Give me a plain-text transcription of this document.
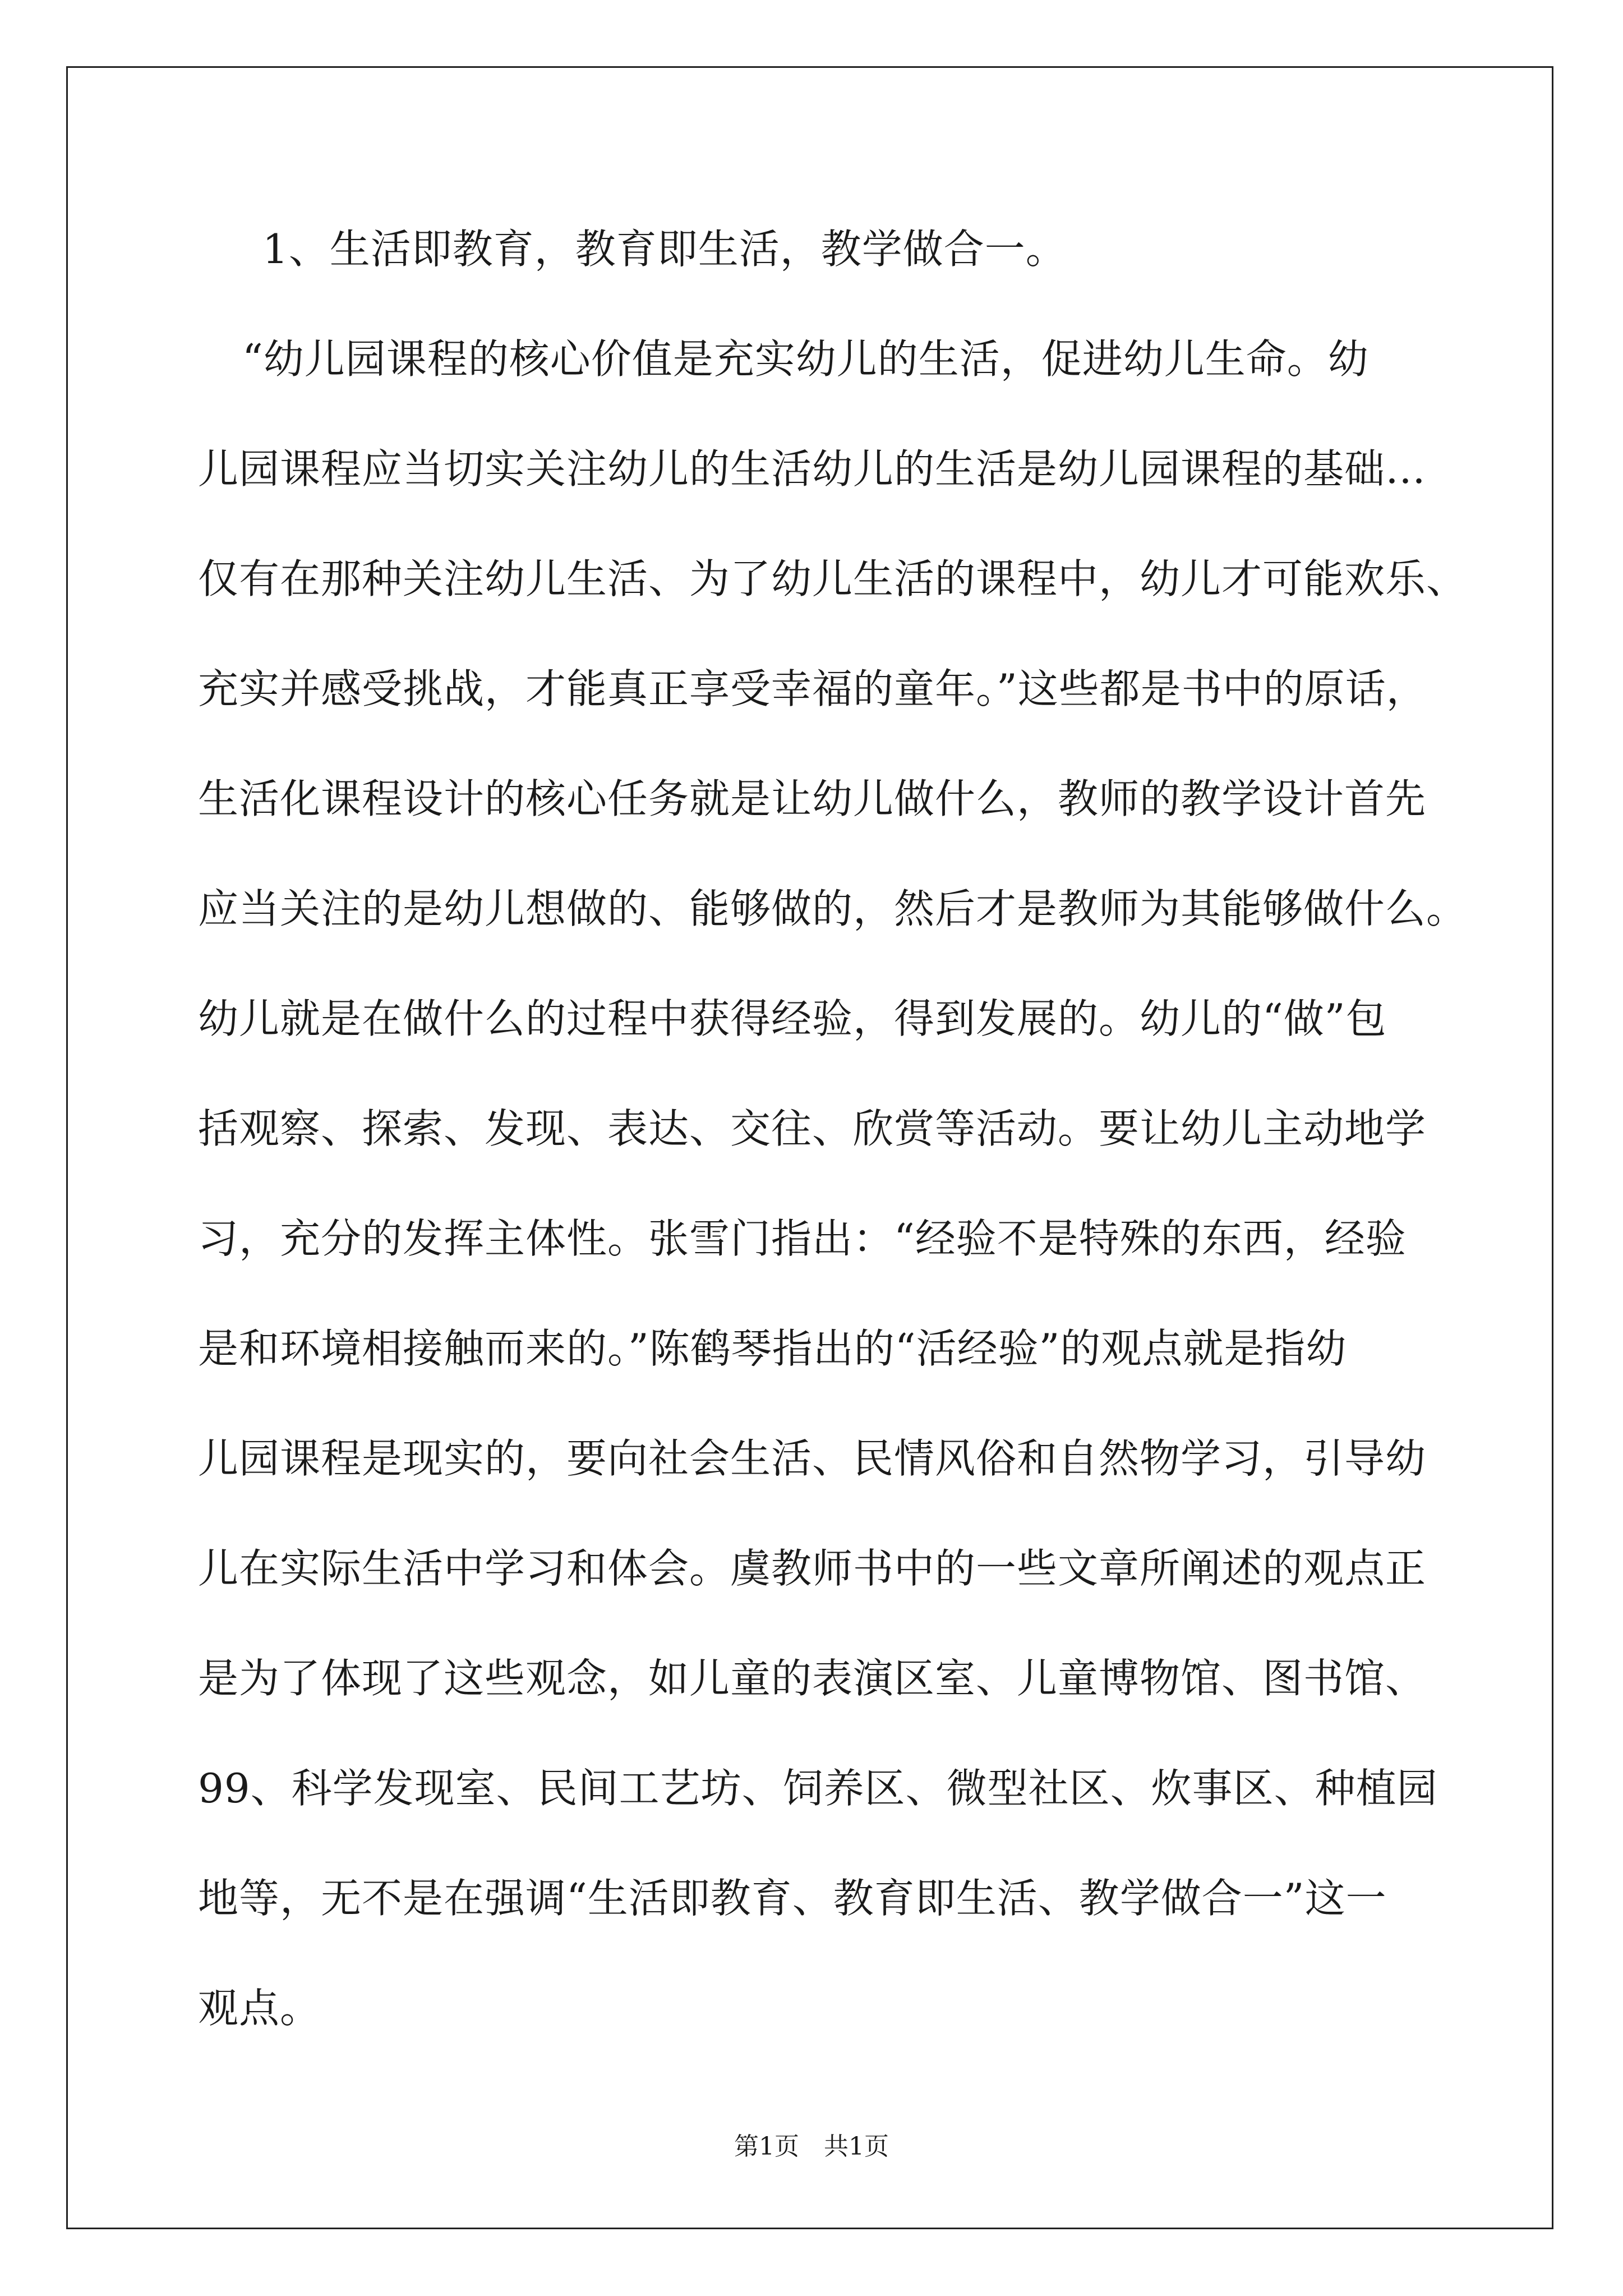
1、生活即教育，教育即生活，教学做合一。
“幼儿园课程的核心价值是充实幼儿的生活，促进幼儿生命。幼
儿园课程应当切实关注幼儿的生活幼儿的生活是幼儿园课程的基础…
仅有在那种关注幼儿生活、为了幼儿生活的课程中，幼儿才可能欢乐、
充实并感受挑战，才能真正享受幸福的童年。”这些都是书中的原话，
生活化课程设计的核心任务就是让幼儿做什么，教师的教学设计首先
应当关注的是幼儿想做的、能够做的，然后才是教师为其能够做什么。
幼儿就是在做什么的过程中获得经验，得到发展的。幼儿的“做”包
括观察、探索、发现、表达、交往、欣赏等活动。要让幼儿主动地学
习，充分的发挥主体性。张雪门指出：“经验不是特殊的东西，经验
是和环境相接触而来的。”陈鹤琴指出的“活经验”的观点就是指幼
儿园课程是现实的，要向社会生活、民情风俗和自然物学习，引导幼
儿在实际生活中学习和体会。虞教师书中的一些文章所阐述的观点正
是为了体现了这些观念，如儿童的表演区室、儿童博物馆、图书馆、
99、科学发现室、民间工艺坊、饲养区、微型社区、炊事区、种植园
地等，无不是在强调“生活即教育、教育即生活、教学做合一”这一
观点。
第1页　共1页
